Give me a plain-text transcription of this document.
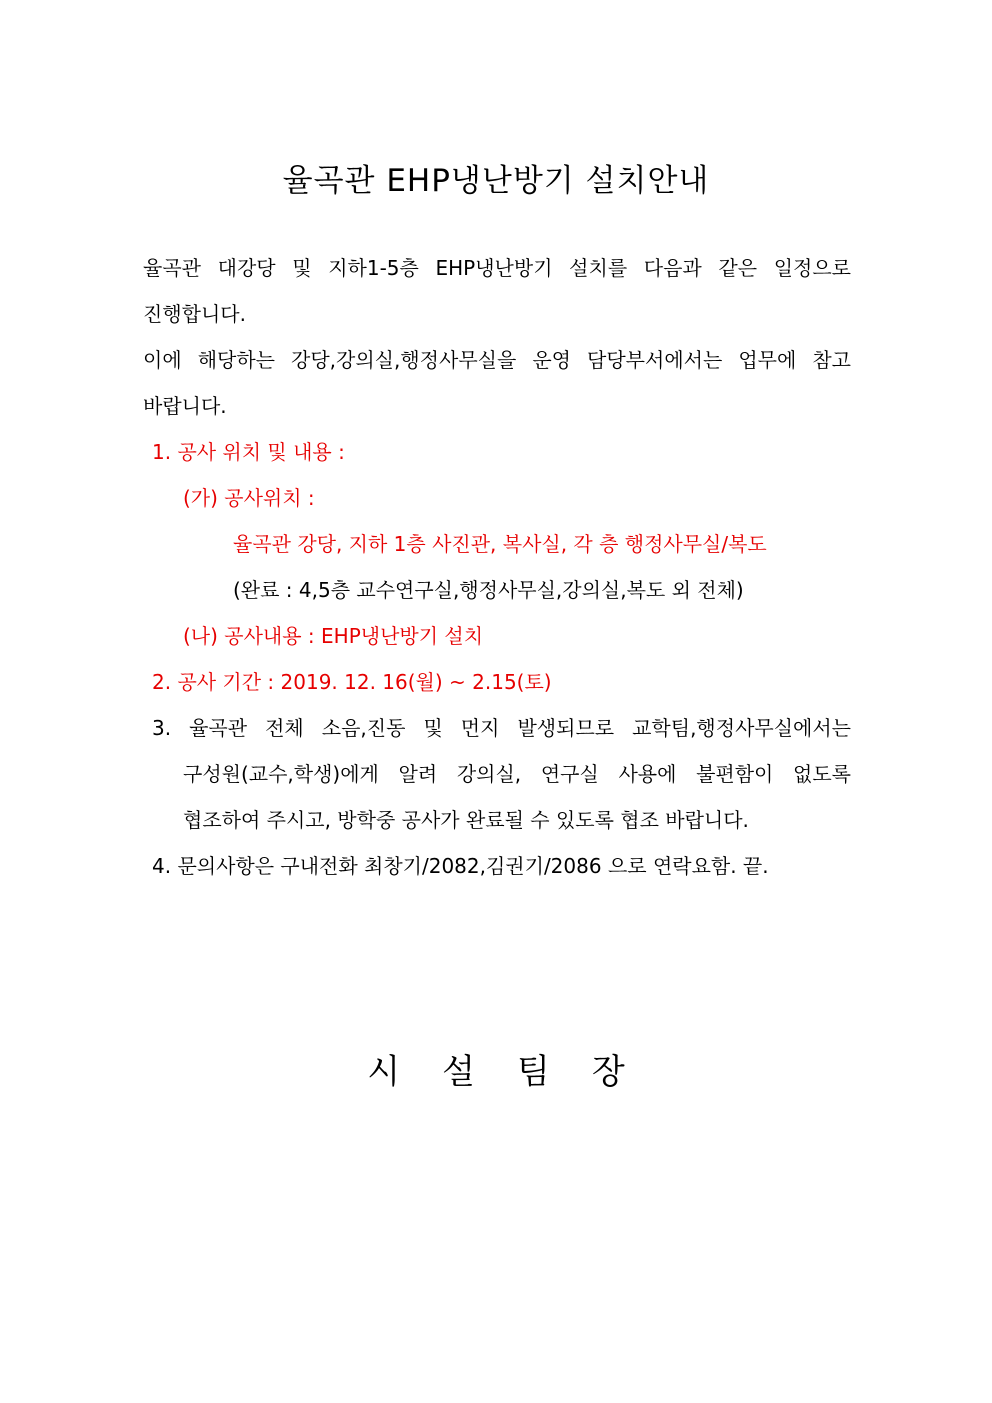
율곡관 EHP냉난방기 설치안내
율곡관 대강당 및 지하1-5층 EHP냉난방기 설치를 다음과 같은 일정으로
진행합니다.
이에 해당하는 강당,강의실,행정사무실을 운영 담당부서에서는 업무에 참고
바랍니다.
1. 공사 위치 및 내용 :
(가) 공사위치 :
율곡관 강당, 지하 1층 사진관, 복사실, 각 층 행정사무실/복도
(완료 : 4,5층 교수연구실,행정사무실,강의실,복도 외 전체)
(나) 공사내용 : EHP냉난방기 설치
2. 공사 기간 : 2019. 12. 16(월) ~ 2.15(토)
3. 율곡관 전체 소음,진동 및 먼지 발생되므로 교학팀,행정사무실에서는
구성원(교수,학생)에게 알려 강의실, 연구실 사용에 불편함이 없도록
협조하여 주시고, 방학중 공사가 완료될 수 있도록 협조 바랍니다.
4. 문의사항은 구내전화 최창기/2082,김권기/2086 으로 연락요함. 끝.
시설팀장
